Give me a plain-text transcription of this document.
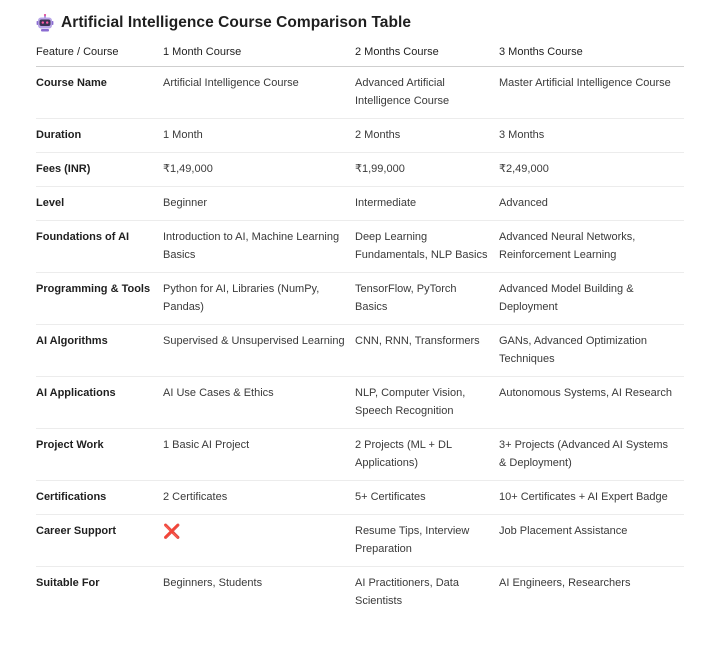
Artificial Intelligence Course Comparison Table
Feature / Course	1 Month Course	2 Months Course	3 Months Course
Course Name	Artificial Intelligence Course	Advanced Artificial Intelligence Course	Master Artificial Intelligence Course
Duration	1 Month	2 Months	3 Months
Fees (INR)	₹1,49,000	₹1,99,000	₹2,49,000
Level	Beginner	Intermediate	Advanced
Foundations of AI	Introduction to AI, Machine Learning Basics	Deep Learning Fundamentals, NLP Basics	Advanced Neural Networks, Reinforcement Learning
Programming & Tools	Python for AI, Libraries (NumPy, Pandas)	TensorFlow, PyTorch Basics	Advanced Model Building & Deployment
AI Algorithms	Supervised & Unsupervised Learning	CNN, RNN, Transformers	GANs, Advanced Optimization Techniques
AI Applications	AI Use Cases & Ethics	NLP, Computer Vision, Speech Recognition	Autonomous Systems, AI Research
Project Work	1 Basic AI Project	2 Projects (ML + DL Applications)	3+ Projects (Advanced AI Systems & Deployment)
Certifications	2 Certificates	5+ Certificates	10+ Certificates + AI Expert Badge
Career Support	❌	Resume Tips, Interview Preparation	Job Placement Assistance
Suitable For	Beginners, Students	AI Practitioners, Data Scientists	AI Engineers, Researchers
